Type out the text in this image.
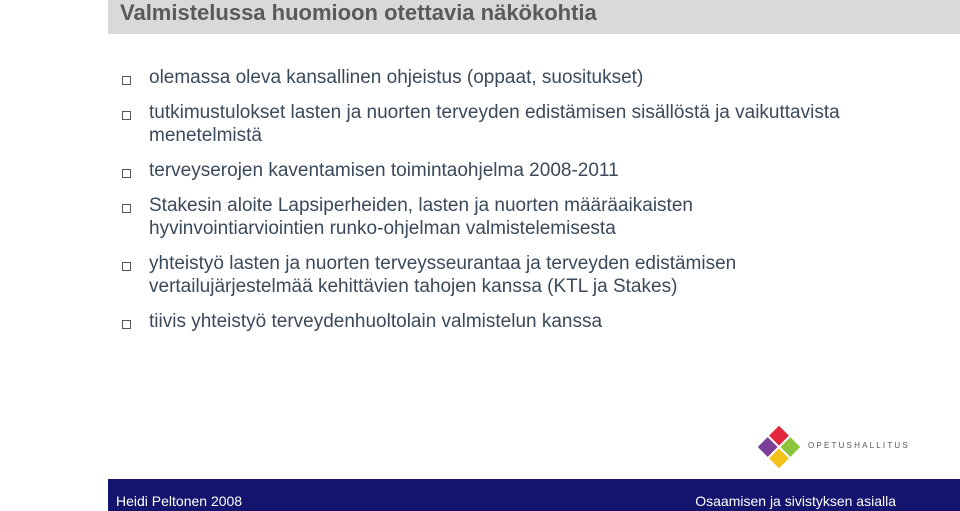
Valmistelussa huomioon otettavia näkökohtia
olemassa oleva kansallinen ohjeistus (oppaat, suositukset)
tutkimustulokset lasten ja nuorten terveyden edistämisen sisällöstä ja vaikuttavista menetelmistä
terveyserojen kaventamisen toimintaohjelma 2008-2011
Stakesin aloite Lapsiperheiden, lasten ja nuorten määräaikaisten hyvinvointiarviointien runko-ohjelman valmistelemisesta
yhteistyö lasten ja nuorten terveysseurantaa ja terveyden edistämisen vertailujärjestelmää kehittävien tahojen kanssa (KTL ja Stakes)
tiivis yhteistyö terveydenhuoltolain valmistelun kanssa
OPETUSHALLITUS
Heidi Peltonen 2008	Osaamisen ja sivistyksen asialla
